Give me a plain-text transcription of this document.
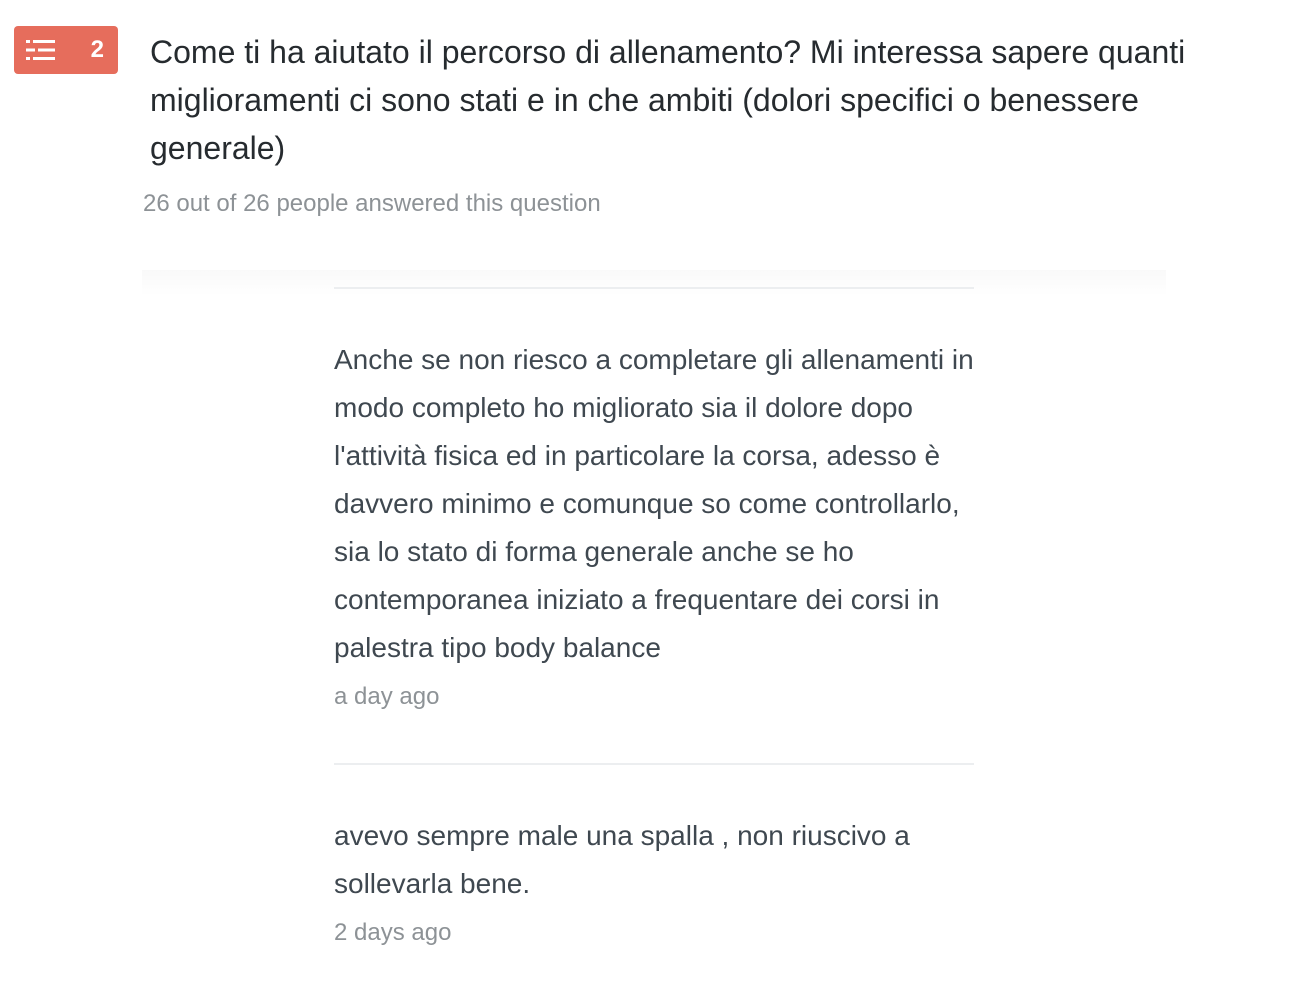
2 Come ti ha aiutato il percorso di allenamento? Mi interessa sapere quanti miglioramenti ci sono stati e in che ambiti (dolori specifici o benessere generale)
26 out of 26 people answered this question

Anche se non riesco a completare gli allenamenti in modo completo ho migliorato sia il dolore dopo l'attività fisica ed in particolare la corsa, adesso è davvero minimo e comunque so come controllarlo, sia lo stato di forma generale anche se ho contemporanea iniziato a frequentare dei corsi in palestra tipo body balance

a day ago

avevo sempre male una spalla , non riuscivo a sollevarla bene.

2 days ago
